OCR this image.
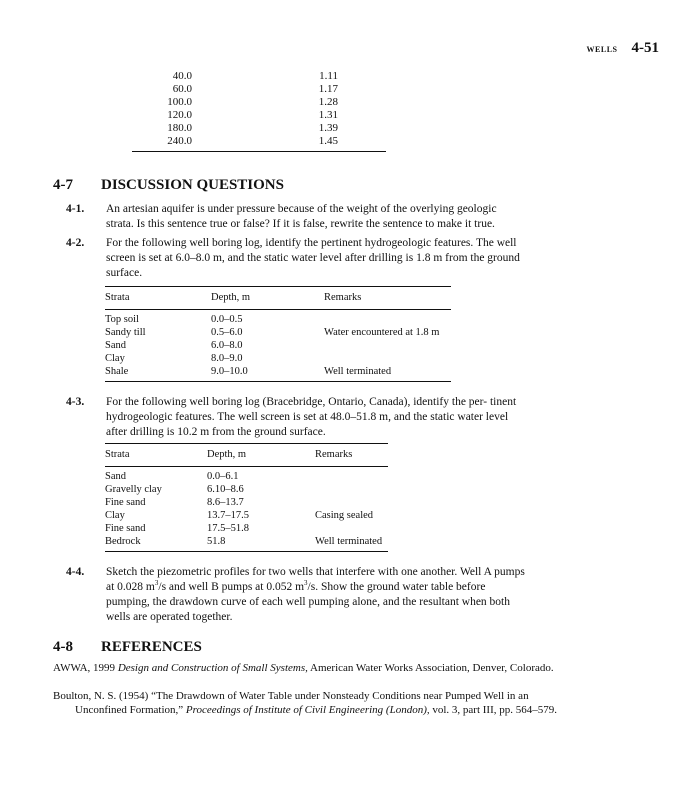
WELLS 4-51
40.0	1.11
60.0	1.17
100.0	1.28
120.0	1.31
180.0	1.39
240.0	1.45
4-7	DISCUSSION QUESTIONS
4-1.	An artesian aquifer is under pressure because of the weight of the overlying geologic strata. Is this sentence true or false? If it is false, rewrite the sentence to make it true.
4-2.	For the following well boring log, identify the pertinent hydrogeologic features. The well screen is set at 6.0–8.0 m, and the static water level after drilling is 1.8 m from the ground surface.
Strata	Depth, m	Remarks
Top soil	0.0–0.5	
Sandy till	0.5–6.0	Water encountered at 1.8 m
Sand	6.0–8.0	
Clay	8.0–9.0	
Shale	9.0–10.0	Well terminated
4-3.	For the following well boring log (Bracebridge, Ontario, Canada), identify the per- tinent hydrogeologic features. The well screen is set at 48.0–51.8 m, and the static water level after drilling is 10.2 m from the ground surface.
Strata	Depth, m	Remarks
Sand	0.0–6.1	
Gravelly clay	6.10–8.6	
Fine sand	8.6–13.7	
Clay	13.7–17.5	Casing sealed
Fine sand	17.5–51.8	
Bedrock	51.8	Well terminated
4-4.	Sketch the piezometric profiles for two wells that interfere with one another. Well A pumps at 0.028 $m^3/s$ and well B pumps at 0.052 $m^3/s$. Show the ground water table before pumping, the drawdown curve of each well pumping alone, and the resultant when both wells are operated together.
4-8	REFERENCES
AWWA, 1999 Design and Construction of Small Systems, American Water Works Association, Denver, Colorado.
Boulton, N. S. (1954) “The Drawdown of Water Table under Nonsteady Conditions near Pumped Well in an Unconfined Formation,” Proceedings of Institute of Civil Engineering (London), vol. 3, part III, pp. 564–579.
